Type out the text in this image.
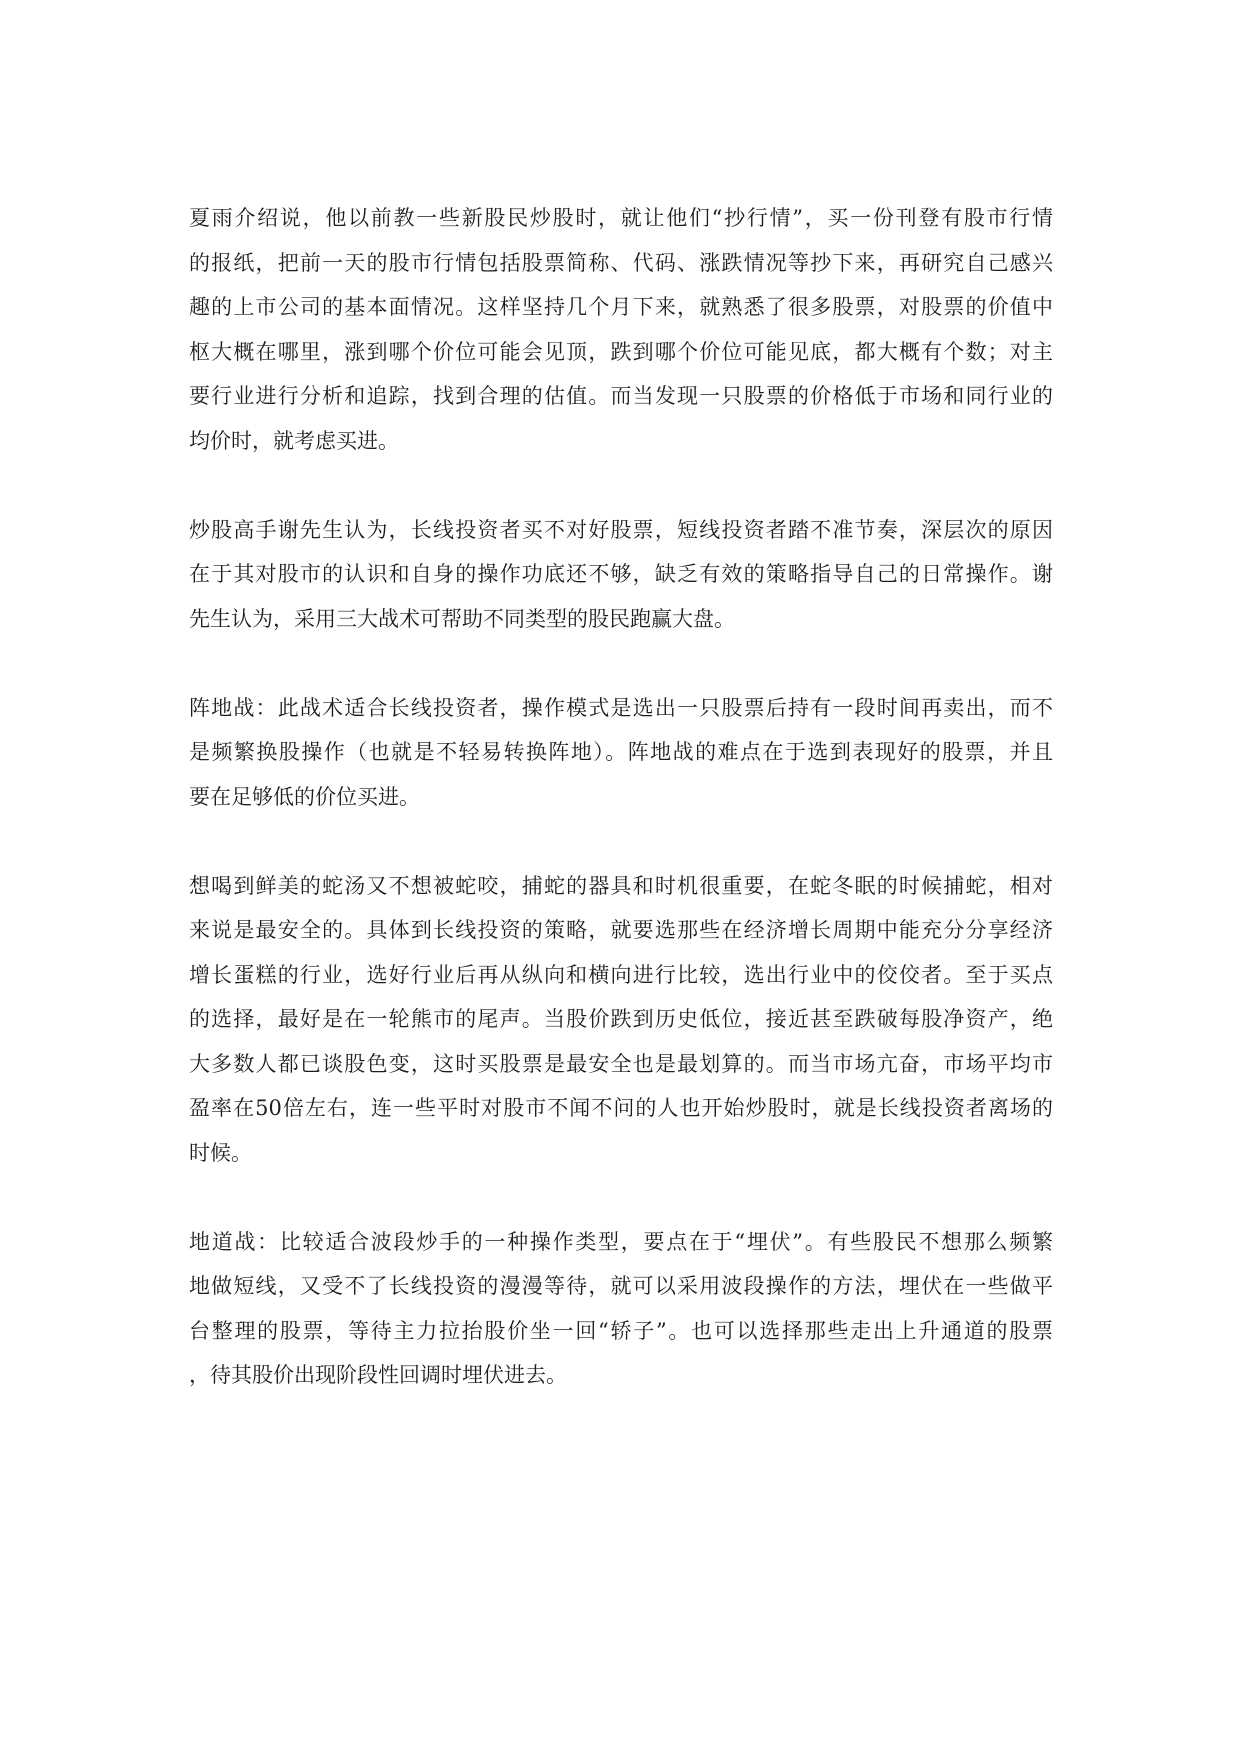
夏雨介绍说，他以前教一些新股民炒股时，就让他们“抄行情”，买一份刊登有股市行情
的报纸，把前一天的股市行情包括股票简称、代码、涨跌情况等抄下来，再研究自己感兴
趣的上市公司的基本面情况。这样坚持几个月下来，就熟悉了很多股票，对股票的价值中
枢大概在哪里，涨到哪个价位可能会见顶，跌到哪个价位可能见底，都大概有个数；对主
要行业进行分析和追踪，找到合理的估值。而当发现一只股票的价格低于市场和同行业的
均价时，就考虑买进。

炒股高手谢先生认为，长线投资者买不对好股票，短线投资者踏不准节奏，深层次的原因
在于其对股市的认识和自身的操作功底还不够，缺乏有效的策略指导自己的日常操作。谢
先生认为，采用三大战术可帮助不同类型的股民跑赢大盘。

阵地战：此战术适合长线投资者，操作模式是选出一只股票后持有一段时间再卖出，而不
是频繁换股操作（也就是不轻易转换阵地）。阵地战的难点在于选到表现好的股票，并且
要在足够低的价位买进。

想喝到鲜美的蛇汤又不想被蛇咬，捕蛇的器具和时机很重要，在蛇冬眠的时候捕蛇，相对
来说是最安全的。具体到长线投资的策略，就要选那些在经济增长周期中能充分分享经济
增长蛋糕的行业，选好行业后再从纵向和横向进行比较，选出行业中的佼佼者。至于买点
的选择，最好是在一轮熊市的尾声。当股价跌到历史低位，接近甚至跌破每股净资产，绝
大多数人都已谈股色变，这时买股票是最安全也是最划算的。而当市场亢奋，市场平均市
盈率在50倍左右，连一些平时对股市不闻不问的人也开始炒股时，就是长线投资者离场的
时候。

地道战：比较适合波段炒手的一种操作类型，要点在于“埋伏”。有些股民不想那么频繁
地做短线，又受不了长线投资的漫漫等待，就可以采用波段操作的方法，埋伏在一些做平
台整理的股票，等待主力拉抬股价坐一回“轿子”。也可以选择那些走出上升通道的股票
，待其股价出现阶段性回调时埋伏进去。
